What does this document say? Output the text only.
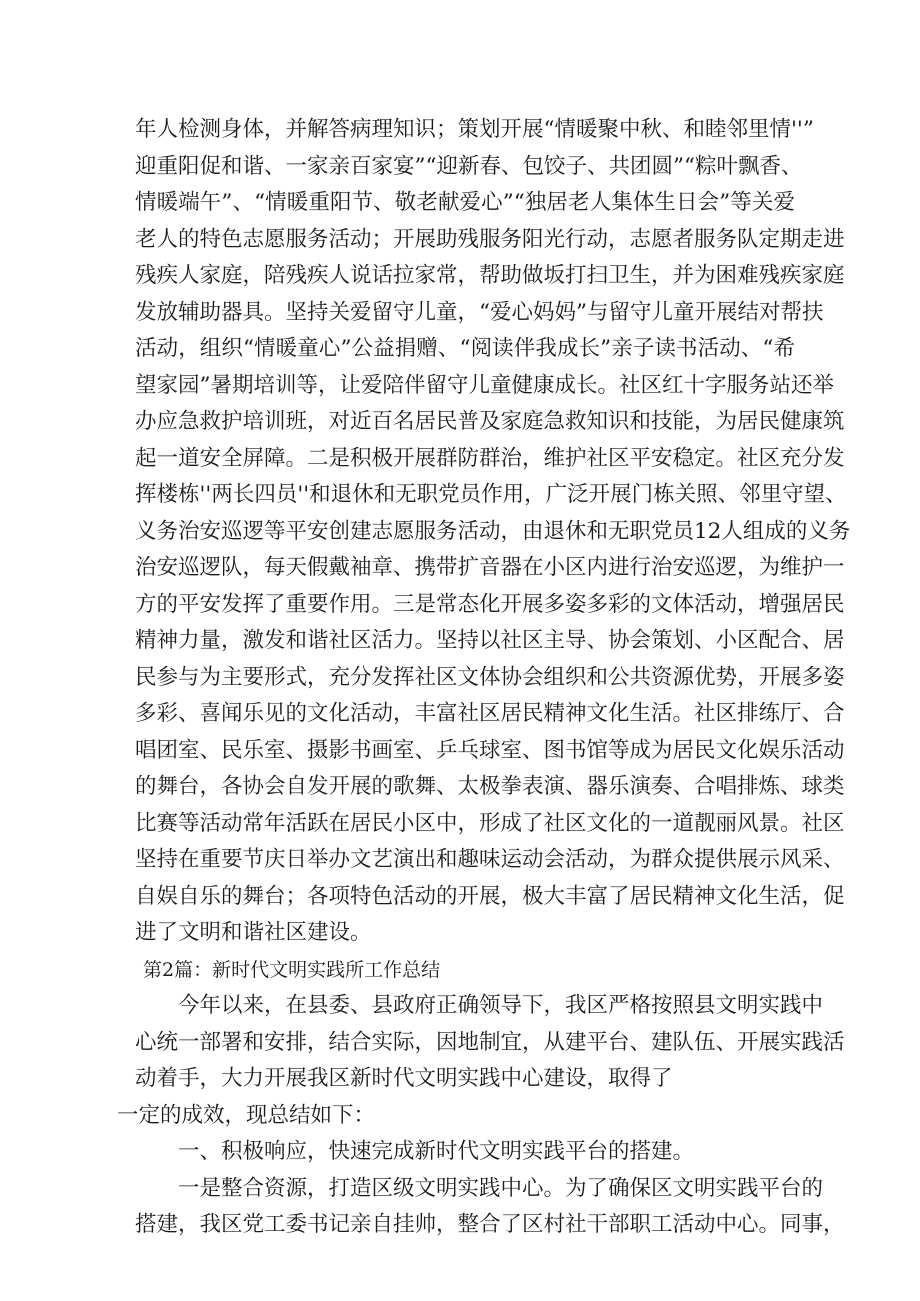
年人检测身体，并解答病理知识；策划开展“情暖聚中秋、和睦邻里情''”
迎重阳促和谐、一家亲百家宴”“迎新春、包饺子、共团圆”“粽叶飘香、
情暖端午”、“情暖重阳节、敬老献爱心”“独居老人集体生日会”等关爱
老人的特色志愿服务活动；开展助残服务阳光行动，志愿者服务队定期走进
残疾人家庭，陪残疾人说话拉家常，帮助做坂打扫卫生，并为困难残疾家庭
发放辅助器具。坚持关爱留守儿童，“爱心妈妈”与留守儿童开展结对帮扶
活动，组织“情暖童心”公益捐赠、“阅读伴我成长”亲子读书活动、“希
望家园”暑期培训等，让爱陪伴留守儿童健康成长。社区红十字服务站还举
办应急救护培训班，对近百名居民普及家庭急救知识和技能，为居民健康筑
起一道安全屏障。二是积极开展群防群治，维护社区平安稳定。社区充分发
挥楼栋''两长四员''和退休和无职党员作用，广泛开展门栋关照、邻里守望、
义务治安巡逻等平安创建志愿服务活动，由退休和无职党员12人组成的义务
治安巡逻队，每天假戴袖章、携带扩音器在小区内进行治安巡逻，为维护一
方的平安发挥了重要作用。三是常态化开展多姿多彩的文体活动，增强居民
精神力量，激发和谐社区活力。坚持以社区主导、协会策划、小区配合、居
民参与为主要形式，充分发挥社区文体协会组织和公共资源优势，开展多姿
多彩、喜闻乐见的文化活动，丰富社区居民精神文化生活。社区排练厅、合
唱团室、民乐室、摄影书画室、乒乓球室、图书馆等成为居民文化娱乐活动
的舞台，各协会自发开展的歌舞、太极拳表演、器乐演奏、合唱排炼、球类
比赛等活动常年活跃在居民小区中，形成了社区文化的一道靓丽风景。社区
坚持在重要节庆日举办文艺演出和趣味运动会活动，为群众提供展示风采、
自娱自乐的舞台；各项特色活动的开展，极大丰富了居民精神文化生活，促
进了文明和谐社区建设。
第2篇：新时代文明实践所工作总结
今年以来，在县委、县政府正确领导下，我区严格按照县文明实践中
心统一部署和安排，结合实际，因地制宜，从建平台、建队伍、开展实践活
动着手，大力开展我区新时代文明实践中心建设，取得了
一定的成效，现总结如下：
一、积极响应，快速完成新时代文明实践平台的搭建。
一是整合资源，打造区级文明实践中心。为了确保区文明实践平台的
搭建，我区党工委书记亲自挂帅，整合了区村社干部职工活动中心。同事，
